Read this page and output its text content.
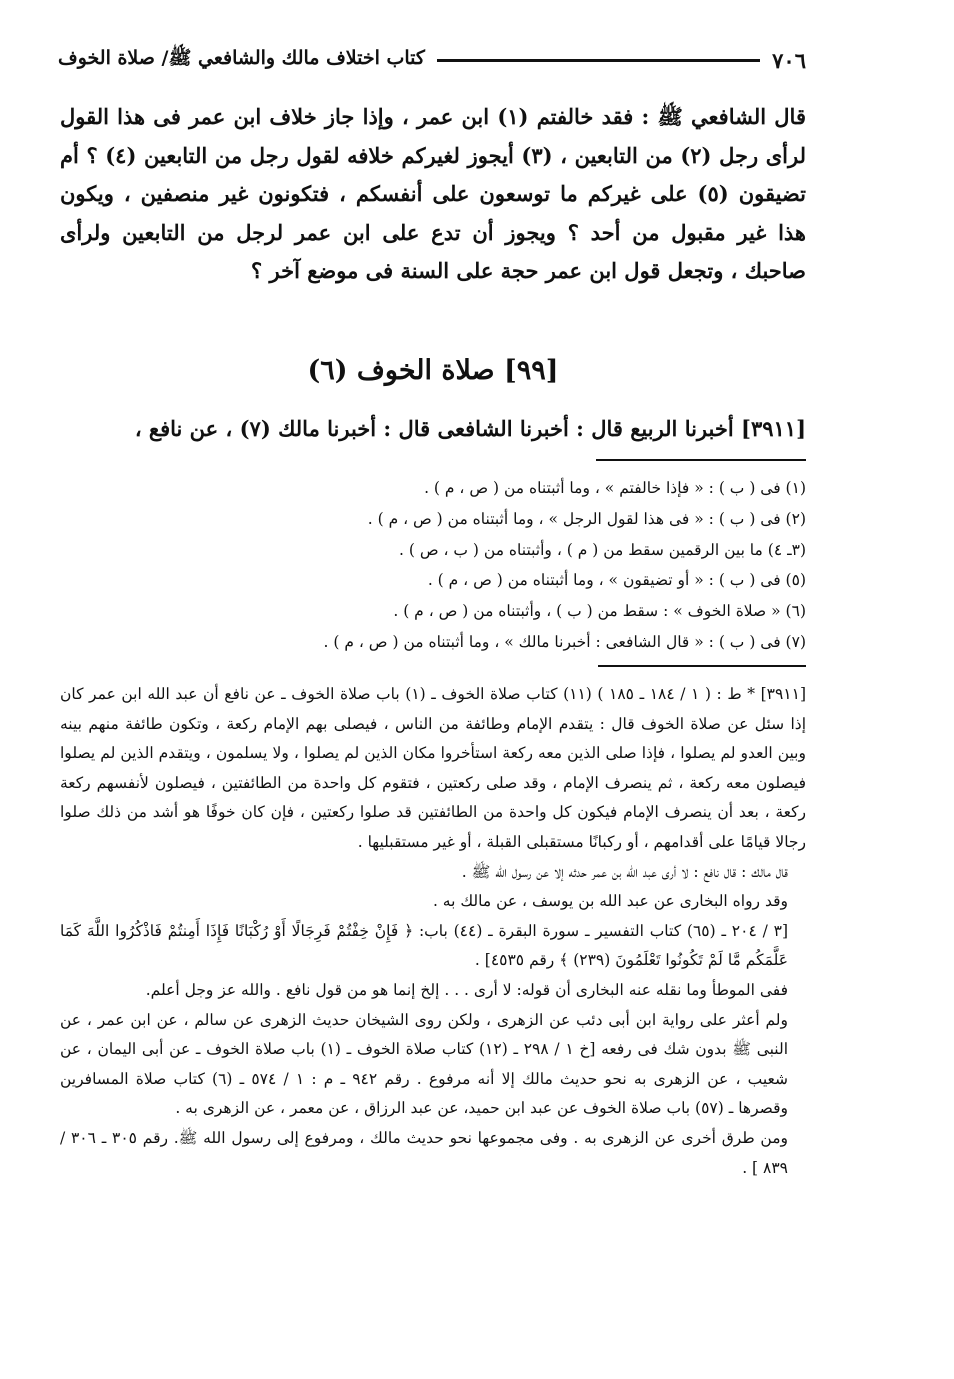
٧٠٦
كتاب اختلاف مالك والشافعي ﷺ/ صلاة الخوف

قال الشافعي ﷺ : فقد خالفتم (١) ابن عمر ، وإذا جاز خلاف ابن عمر فى هذا القول لرأى رجل (٢) من التابعين ، (٣) أيجوز لغيركم خلافه لقول رجل من التابعين (٤) ؟ أم تضيقون (٥) على غيركم ما توسعون على أنفسكم ، فتكونون غير منصفين ، ويكون هذا غير مقبول من أحد ؟ ويجوز أن تدع على ابن عمر لرجل من التابعين ولرأى صاحبك ، وتجعل قول ابن عمر حجة على السنة فى موضع آخر ؟

[٩٩] صلاة الخوف (٦)
[٣٩١١] أخبرنا الربيع قال : أخبرنا الشافعى قال : أخبرنا مالك (٧) ، عن نافع ،

(١) فى ( ب ) : « فإذا خالفتم » ، وما أثبتناه من ( ص ، م ) .

(٢) فى ( ب ) : « فى هذا لقول الرجل » ، وما أثبتناه من ( ص ، م ) .

(٣ـ ٤) ما بين الرقمين سقط من ( م ) ، وأثبتناه من ( ب ، ص ) .

(٥) فى ( ب ) : « أو تضيقون » ، وما أثبتناه من ( ص ، م ) .

(٦) « صلاة الخوف » : سقط من ( ب ) ، وأثبتناه من ( ص ، م ) .

(٧) فى ( ب ) : « قال الشافعى : أخبرنا مالك » ، وما أثبتناه من ( ص ، م ) .

[٣٩١١] * ط : ( ١ / ١٨٤ ـ ١٨٥ ) (١١) كتاب صلاة الخوف ـ (١) باب صلاة الخوف ـ عن نافع أن عبد الله ابن عمر كان إذا سئل عن صلاة الخوف قال : يتقدم الإمام وطائفة من الناس ، فيصلى بهم الإمام ركعة ، وتكون طائفة منهم بينه وبين العدو لم يصلوا ، فإذا صلى الذين معه ركعة استأخروا مكان الذين لم يصلوا ، ولا يسلمون ، ويتقدم الذين لم يصلوا فيصلون معه ركعة ، ثم ينصرف الإمام ، وقد صلى ركعتين ، فتقوم كل واحدة من الطائفتين ، فيصلون لأنفسهم ركعة ركعة ، بعد أن ينصرف الإمام فيكون كل واحدة من الطائفتين قد صلوا ركعتين ، فإن كان خوفًا هو أشد من ذلك صلوا رجالا قيامًا على أقدامهم ، أو ركبانًا مستقبلى القبلة ، أو غير مستقبليها .

قال مالك : قال نافع : لا أرى عبد الله بن عمر حدثه إلا عن رسول الله ﷺ .

وقد رواه البخارى عن عبد الله بن يوسف ، عن مالك به .

[٣ / ٢٠٤ ـ (٦٥) كتاب التفسير ـ سورة البقرة ـ (٤٤) باب: ﴿ فَإِنْ خِفْتُمْ فَرِجَالًا أَوْ رُكْبَانًا فَإِذَا أَمِنتُمْ فَاذْكُرُوا اللَّهَ كَمَا عَلَّمَكُم مَّا لَمْ تَكُونُوا تَعْلَمُونَ (٢٣٩) ﴾ رقم ٤٥٣٥] .

ففى الموطأ وما نقله عنه البخارى أن قوله: لا أرى . . . إلخ إنما هو من قول نافع . والله عز وجل أعلم.

ولم أعثر على رواية ابن أبى دئب عن الزهرى ، ولكن روى الشيخان حديث الزهرى عن سالم ، عن ابن عمر ، عن النبى ﷺ بدون شك فى رفعه [خ ١ / ٢٩٨ ـ (١٢) كتاب صلاة الخوف ـ (١) باب صلاة الخوف ـ عن أبى اليمان ، عن شعيب ، عن الزهرى به نحو حديث مالك إلا أنه مرفوع . رقم ٩٤٢ ـ م : ١ / ٥٧٤ ـ (٦) كتاب صلاة المسافرين وقصرها ـ (٥٧) باب صلاة الخوف عن عبد ابن حميد، عن عبد الرزاق ، عن معمر ، عن الزهرى به .

ومن طرق أخرى عن الزهرى به . وفى مجموعها نحو حديث مالك ، ومرفوع إلى رسول الله ﷺ. رقم ٣٠٥ ـ ٣٠٦ / ٨٣٩ ] .
